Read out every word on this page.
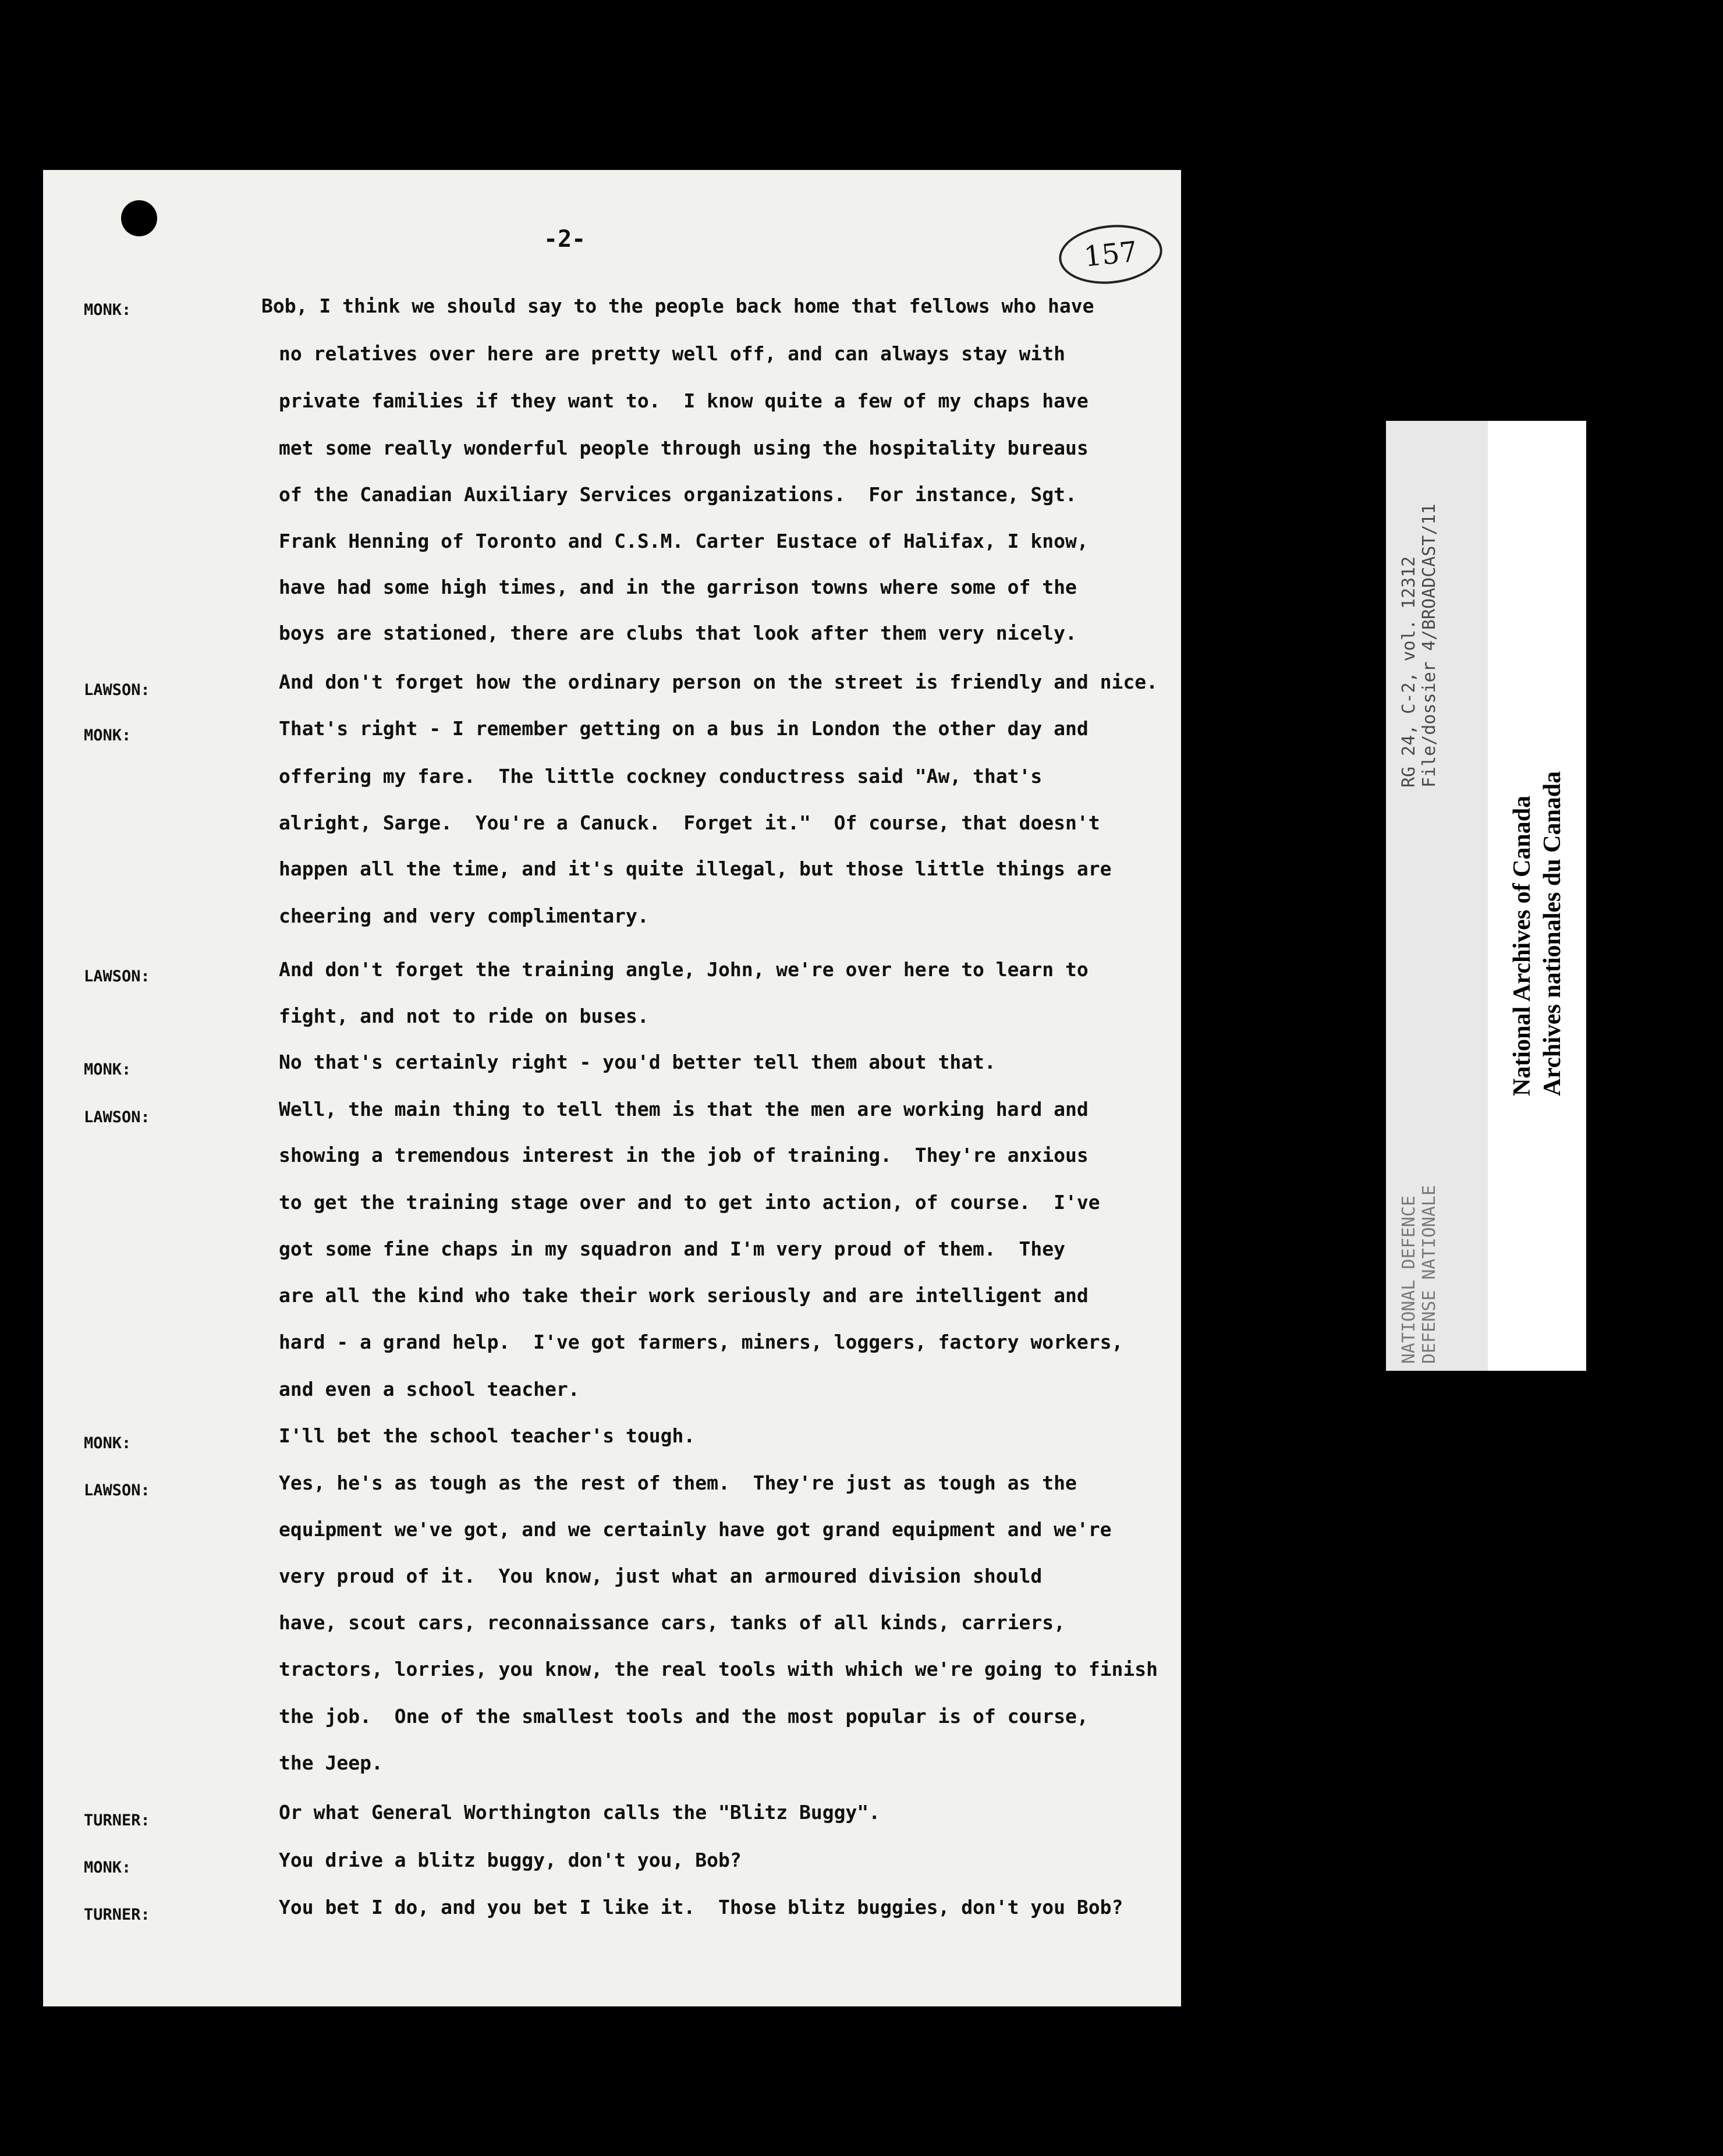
-2-	157
MONK:	Bob, I think we should say to the people back home that fellows who have
no relatives over here are pretty well off, and can always stay with
private families if they want to.  I know quite a few of my chaps have
met some really wonderful people through using the hospitality bureaus
of the Canadian Auxiliary Services organizations.  For instance, Sgt.
Frank Henning of Toronto and C.S.M. Carter Eustace of Halifax, I know,
have had some high times, and in the garrison towns where some of the
boys are stationed, there are clubs that look after them very nicely.
LAWSON:	And don't forget how the ordinary person on the street is friendly and nice.
MONK:	That's right - I remember getting on a bus in London the other day and
offering my fare.  The little cockney conductress said "Aw, that's
alright, Sarge.  You're a Canuck.  Forget it."  Of course, that doesn't
happen all the time, and it's quite illegal, but those little things are
cheering and very complimentary.
LAWSON:	And don't forget the training angle, John, we're over here to learn to
fight, and not to ride on buses.
MONK:	No that's certainly right - you'd better tell them about that.
LAWSON:	Well, the main thing to tell them is that the men are working hard and
showing a tremendous interest in the job of training.  They're anxious
to get the training stage over and to get into action, of course.  I've
got some fine chaps in my squadron and I'm very proud of them.  They
are all the kind who take their work seriously and are intelligent and
hard - a grand help.  I've got farmers, miners, loggers, factory workers,
and even a school teacher.
MONK:	I'll bet the school teacher's tough.
LAWSON:	Yes, he's as tough as the rest of them.  They're just as tough as the
equipment we've got, and we certainly have got grand equipment and we're
very proud of it.  You know, just what an armoured division should
have, scout cars, reconnaissance cars, tanks of all kinds, carriers,
tractors, lorries, you know, the real tools with which we're going to finish
the job.  One of the smallest tools and the most popular is of course,
the Jeep.
TURNER:	Or what General Worthington calls the "Blitz Buggy".
MONK:	You drive a blitz buggy, don't you, Bob?
TURNER:	You bet I do, and you bet I like it.  Those blitz buggies, don't you Bob?
RG 24, C-2, vol. 12312 File/dossier 4/BROADCAST/11
NATIONAL DEFENCE DEFENSE NATIONALE
National Archives of Canada Archives nationales du Canada
